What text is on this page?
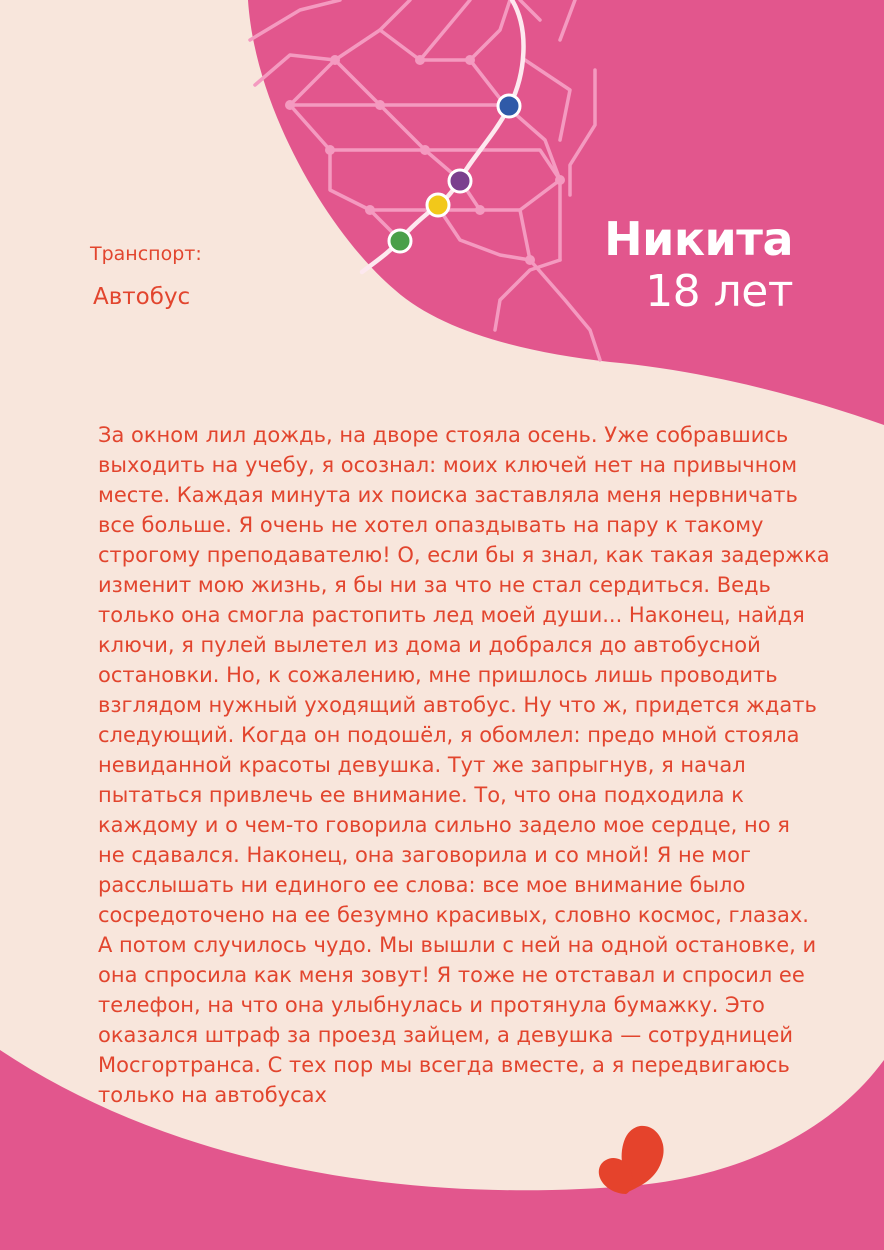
Транспорт:
Автобус
Никита
18 лет
За окном лил дождь, на дворе стояла осень. Уже собравшись
выходить на учебу, я осознал: моих ключей нет на привычном
месте. Каждая минута их поиска заставляла меня нервничать
все больше. Я очень не хотел опаздывать на пару к такому
строгому преподавателю! О, если бы я знал, как такая задержка
изменит мою жизнь, я бы ни за что не стал сердиться. Ведь
только она смогла растопить лед моей души... Наконец, найдя
ключи, я пулей вылетел из дома и добрался до автобусной
остановки. Но, к сожалению, мне пришлось лишь проводить
взглядом нужный уходящий автобус. Ну что ж, придется ждать
следующий. Когда он подошёл, я обомлел: предо мной стояла
невиданной красоты девушка. Тут же запрыгнув, я начал
пытаться привлечь ее внимание. То, что она подходила к
каждому и о чем-то говорила сильно задело мое сердце, но я
не сдавался. Наконец, она заговорила и со мной! Я не мог
расслышать ни единого ее слова: все мое внимание было
сосредоточено на ее безумно красивых, словно космос, глазах.
А потом случилось чудо. Мы вышли с ней на одной остановке, и
она спросила как меня зовут! Я тоже не отставал и спросил ее
телефон, на что она улыбнулась и протянула бумажку. Это
оказался штраф за проезд зайцем, а девушка — сотрудницей
Мосгортранса. С тех пор мы всегда вместе, а я передвигаюсь
только на автобусах
